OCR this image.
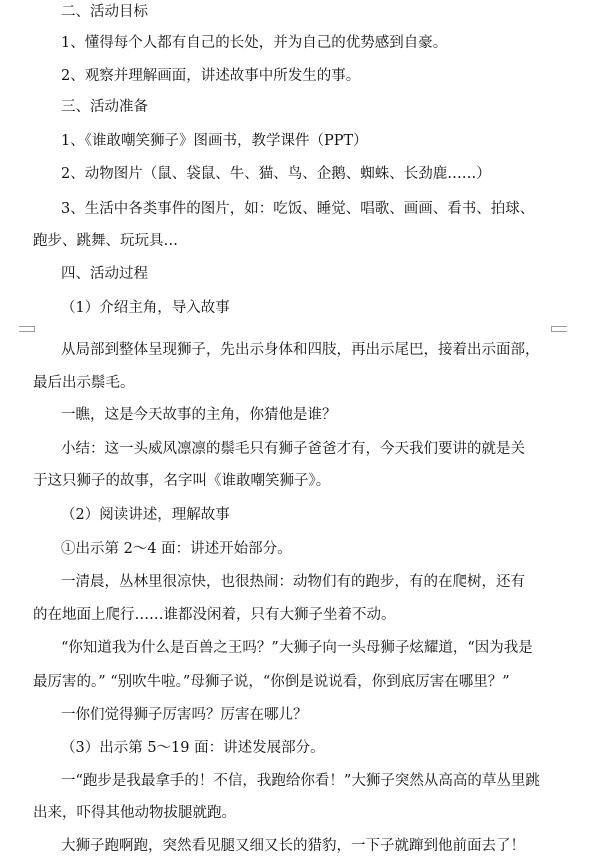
二、活动目标
1、懂得每个人都有自己的长处，并为自己的优势感到自豪。
2、观察并理解画面，讲述故事中所发生的事。
三、活动准备
1、《谁敢嘲笑狮子》图画书，教学课件（PPT）
2、动物图片（鼠、袋鼠、牛、猫、鸟、企鹅、蜘蛛、长劲鹿……）
3、生活中各类事件的图片，如：吃饭、睡觉、唱歌、画画、看书、拍球、
跑步、跳舞、玩玩具…
四、活动过程
（1）介绍主角，导入故事
从局部到整体呈现狮子，先出示身体和四肢，再出示尾巴，接着出示面部，
最后出示鬃毛。
一瞧，这是今天故事的主角，你猜他是谁？
小结：这一头威风凛凛的鬃毛只有狮子爸爸才有，今天我们要讲的就是关
于这只狮子的故事，名字叫《谁敢嘲笑狮子》。
（2）阅读讲述，理解故事
①出示第 2～4 面：讲述开始部分。
一清晨，丛林里很凉快，也很热闹：动物们有的跑步，有的在爬树，还有
的在地面上爬行……谁都没闲着，只有大狮子坐着不动。
“你知道我为什么是百兽之王吗？”大狮子向一头母狮子炫耀道，“因为我是
最厉害的。” “别吹牛啦。”母狮子说，“你倒是说说看，你到底厉害在哪里？”
一你们觉得狮子厉害吗？厉害在哪儿？
（3）出示第 5～19 面：讲述发展部分。
一“跑步是我最拿手的！不信，我跑给你看！”大狮子突然从高高的草丛里跳
出来，吓得其他动物拔腿就跑。
大狮子跑啊跑，突然看见腿又细又长的猎豹，一下子就蹿到他前面去了！
